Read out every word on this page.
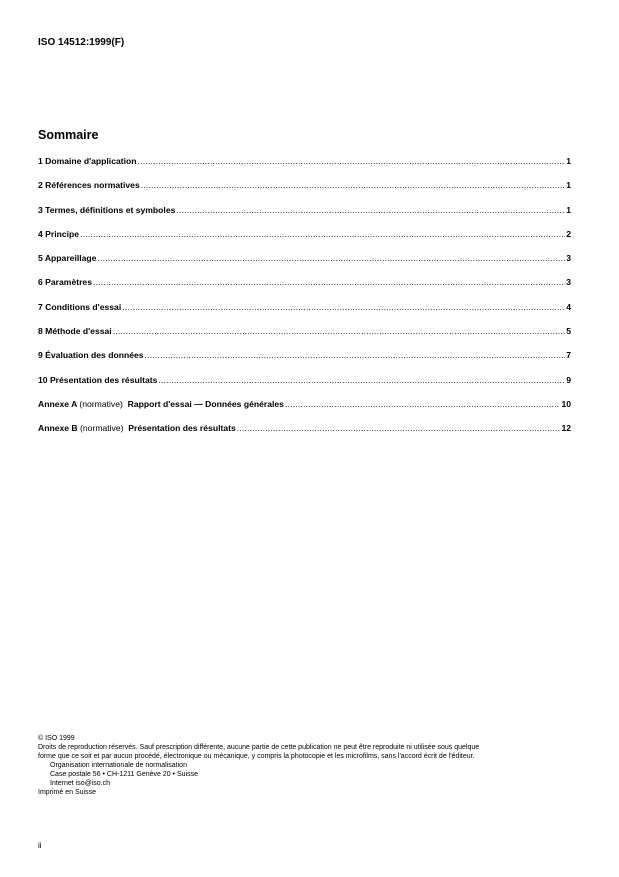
ISO 14512:1999(F)
Sommaire
1 Domaine d'application .....	1
2 Références normatives .....	1
3 Termes, définitions et symboles .....	1
4 Principe .....	2
5 Appareillage .....	3
6 Paramètres .....	3
7 Conditions d'essai .....	4
8 Méthode d'essai .....	5
9 Évaluation des données .....	7
10 Présentation des résultats .....	9
Annexe A (normative) Rapport d'essai — Données générales .....	10
Annexe B (normative) Présentation des résultats .....	12
© ISO 1999
Droits de reproduction réservés. Sauf prescription différente, aucune partie de cette publication ne peut être reproduite ni utilisée sous quelque
forme que ce soit et par aucun procédé, électronique ou mécanique, y compris la photocopie et les microfilms, sans l'accord écrit de l'éditeur.
Organisation internationale de normalisation
Case postale 56 • CH-1211 Genève 20 • Suisse
Internet iso@iso.ch
Imprimé en Suisse
ii
